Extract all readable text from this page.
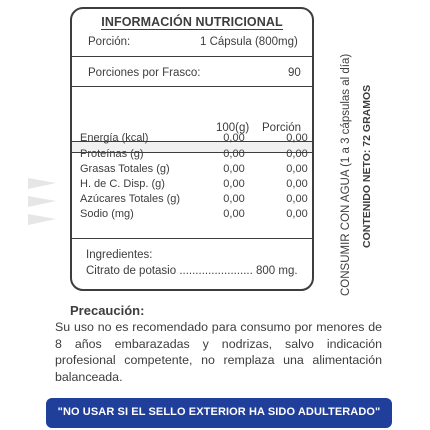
INFORMACIÓN NUTRICIONAL
Porción:	1 Cápsula (800mg)
Porciones por Frasco:	90
100(g) Porción
Energía (kcal)	0,00	0,00
Proteínas (g)	0,00	0,00
Grasas Totales (g)	0,00	0,00
H. de C. Disp. (g)	0,00	0,00
Azúcares Totales (g)	0,00	0,00
Sodio (mg)	0,00	0,00
Ingredientes:
Citrato de potasio ....................... 800 mg.	CONSUMIR CON AGUA (1 a 3 cápsulas al día) CONTENIDO NETO: 72 GRAMOS
Precaución:
Su uso no es recomendado para consumo por menores de 8 años embarazadas y nodrizas, salvo indicación profesional competente, no remplaza una alimentación balanceada.
"NO USAR SI EL SELLO EXTERIOR HA SIDO ADULTERADO"
